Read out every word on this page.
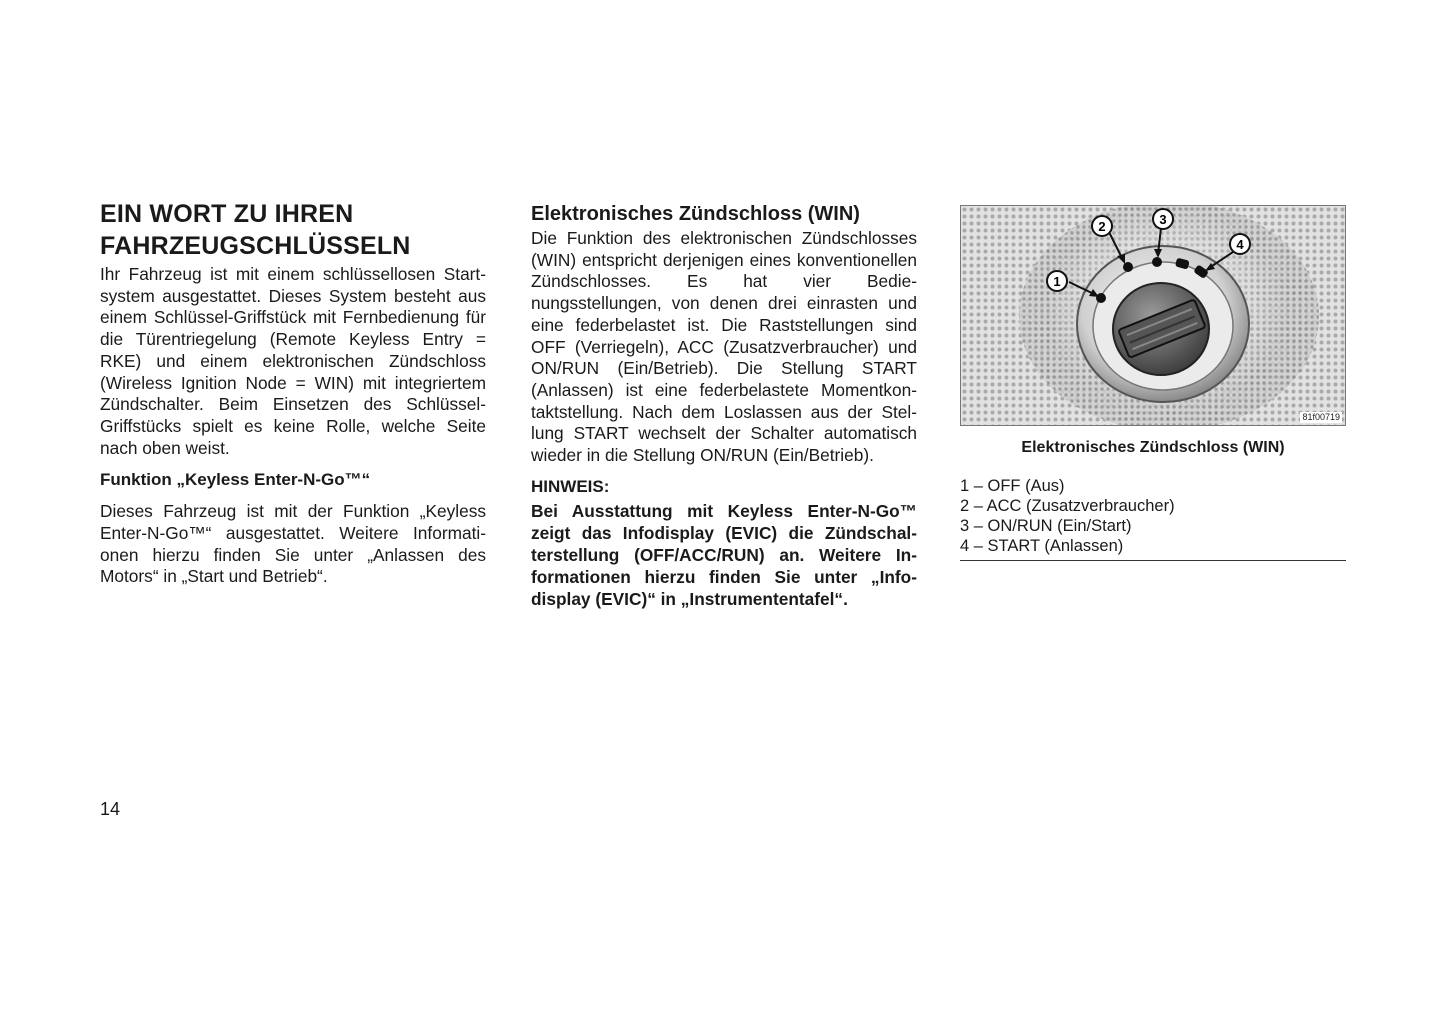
EIN WORT ZU IHREN
FAHRZEUGSCHLÜSSELN

Ihr Fahrzeug ist mit einem schlüssellosen Startsystem ausgestattet. Dieses System besteht aus einem Schlüssel-Griffstück mit Fernbedienung für die Türentriegelung (Remote Keyless Entry = RKE) und einem elektronischen Zündschloss (Wireless Ignition Node = WIN) mit integriertem Zündschalter. Beim Einsetzen des Schlüssel-Griffstücks spielt es keine Rolle, welche Seite nach oben weist.

Funktion „Keyless Enter-N-Go™“

Dieses Fahrzeug ist mit der Funktion „Keyless Enter-N-Go™“ ausgestattet. Weitere Informationen hierzu finden Sie unter „Anlassen des Motors“ in „Start und Betrieb“.

Elektronisches Zündschloss (WIN)

Die Funktion des elektronischen Zündschlosses (WIN) entspricht derjenigen eines konventionellen Zündschlosses. Es hat vier Bedienungsstellungen, von denen drei einrasten und eine federbelastet ist. Die Raststellungen sind OFF (Verriegeln), ACC (Zusatzverbraucher) und ON/RUN (Ein/Betrieb). Die Stellung START (Anlassen) ist eine federbelastete Momentkontaktstellung. Nach dem Loslassen aus der Stellung START wechselt der Schalter automatisch wieder in die Stellung ON/RUN (Ein/Betrieb).

HINWEIS:

Bei Ausstattung mit Keyless Enter-N-Go™ zeigt das Infodisplay (EVIC) die Zündschalterstellung (OFF/ACC/RUN) an. Weitere Informationen hierzu finden Sie unter „Infodisplay (EVIC)“ in „Instrumententafel“.

1
2	3
4
81f00719
Elektronisches Zündschloss (WIN)
1 – OFF (Aus)
2 – ACC (Zusatzverbraucher)
3 – ON/RUN (Ein/Start)
4 – START (Anlassen)
14
